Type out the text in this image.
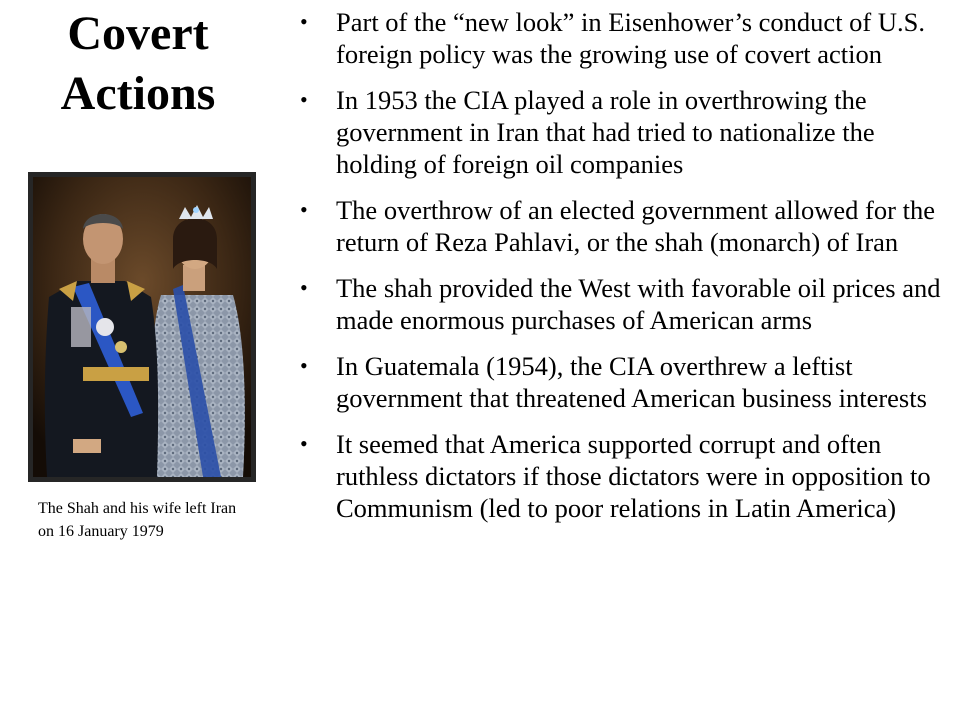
Covert
Actions
The Shah and his wife left Iran on 16 January 1979
• Part of the “new look” in Eisenhower’s conduct of U.S. foreign policy was the growing use of covert action
• In 1953 the CIA played a role in overthrowing the government in Iran that had tried to nationalize the holding of foreign oil companies
• The overthrow of an elected government allowed for the return of Reza Pahlavi, or the shah (monarch) of Iran
• The shah provided the West with favorable oil prices and made enormous purchases of American arms
• In Guatemala (1954), the CIA overthrew a leftist government that threatened American business interests
• It seemed that America supported corrupt and often ruthless dictators if those dictators were in opposition to Communism (led to poor relations in Latin America)
